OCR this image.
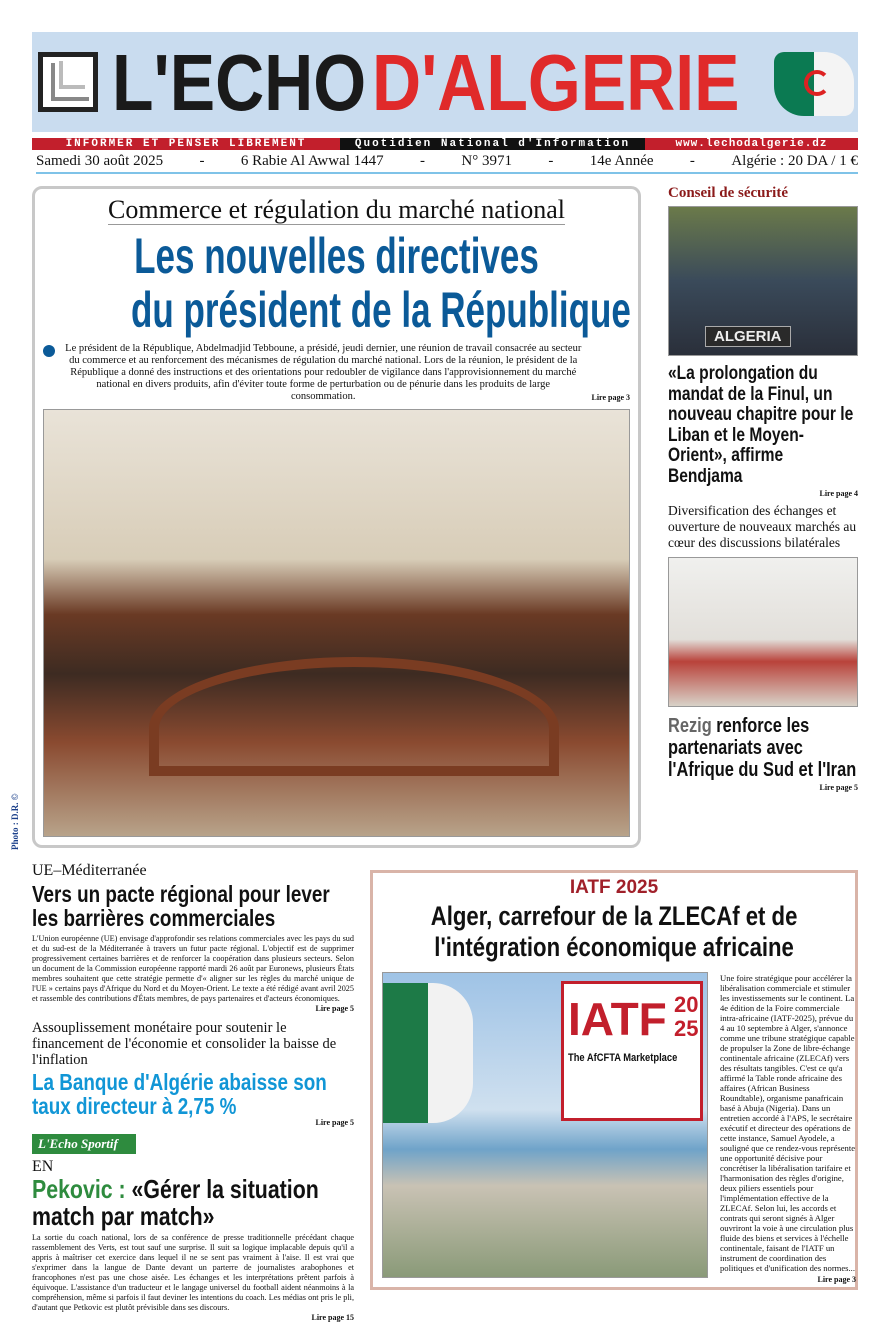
L'ECHO D'ALGERIE
INFORMER ET PENSER LIBREMENT	Quotidien National d'Information	www.lechodalgerie.dz
Samedi 30 août 2025 - 6 Rabie Al Awwal 1447 - N° 3971 - 14e Année - Algérie : 20 DA / 1 €
Commerce et régulation du marché national
Les nouvelles directives
du président de la République
Le président de la République, Abdelmadjid Tebboune, a présidé, jeudi dernier, une réunion de travail consacrée au secteur du commerce et au renforcement des mécanismes de régulation du marché national. Lors de la réunion, le président de la République a donné des instructions et des orientations pour redoubler de vigilance dans l'approvisionnement du marché national en divers produits, afin d'éviter toute forme de perturbation ou de pénurie dans les produits de large consommation.	Lire page 3
Photo : D.R. ©
Conseil de sécurité
ALGERIA
«La prolongation du mandat de la Finul, un nouveau chapitre pour le Liban et le Moyen-Orient», affirme Bendjama
Lire page 4
Diversification des échanges et ouverture de nouveaux marchés au cœur des discussions bilatérales
Rezig renforce les partenariats avec l'Afrique du Sud et l'Iran
Lire page 5
UE–Méditerranée
Vers un pacte régional pour lever les barrières commerciales
L'Union européenne (UE) envisage d'approfondir ses relations commerciales avec les pays du sud et du sud-est de la Méditerranée à travers un futur pacte régional. L'objectif est de supprimer progressivement certaines barrières et de renforcer la coopération dans plusieurs secteurs. Selon un document de la Commission européenne rapporté mardi 26 août par Euronews, plusieurs États membres souhaitent que cette stratégie permette d'« aligner sur les règles du marché unique de l'UE » certains pays d'Afrique du Nord et du Moyen-Orient. Le texte a été rédigé avant avril 2025 et rassemble des contributions d'États membres, de pays partenaires et d'acteurs économiques.
Lire page 5
Assouplissement monétaire pour soutenir le financement de l'économie et consolider la baisse de l'inflation
La Banque d'Algérie abaisse son taux directeur à 2,75 %
Lire page 5
L'Echo Sportif
EN
Pekovic : «Gérer la situation match par match»
La sortie du coach national, lors de sa conférence de presse traditionnelle précédant chaque rassemblement des Verts, est tout sauf une surprise. Il suit sa logique implacable depuis qu'il a appris à maîtriser cet exercice dans lequel il ne se sent pas vraiment à l'aise. Il est vrai que s'exprimer dans la langue de Dante devant un parterre de journalistes arabophones et francophones n'est pas une chose aisée. Les échanges et les interprétations prêtent parfois à équivoque. L'assistance d'un traducteur et le langage universel du football aident néanmoins à la compréhension, même si parfois il faut deviner les intentions du coach. Les médias ont pris le pli, d'autant que Petkovic est plutôt prévisible dans ses discours.
Lire page 15
IATF 2025
Alger, carrefour de la ZLECAf et de l'intégration économique africaine
IATF 20
25
The AfCFTA Marketplace
Une foire stratégique pour accélérer la libéralisation commerciale et stimuler les investissements sur le continent. La 4e édition de la Foire commerciale intra-africaine (IATF-2025), prévue du 4 au 10 septembre à Alger, s'annonce comme une tribune stratégique capable de propulser la Zone de libre-échange continentale africaine (ZLECAf) vers des résultats tangibles. C'est ce qu'a affirmé la Table ronde africaine des affaires (African Business Roundtable), organisme panafricain basé à Abuja (Nigeria). Dans un entretien accordé à l'APS, le secrétaire exécutif et directeur des opérations de cette instance, Samuel Ayodele, a souligné que ce rendez-vous représente une opportunité décisive pour concrétiser la libéralisation tarifaire et l'harmonisation des règles d'origine, deux piliers essentiels pour l'implémentation effective de la ZLECAf. Selon lui, les accords et contrats qui seront signés à Alger ouvriront la voie à une circulation plus fluide des biens et services à l'échelle continentale, faisant de l'IATF un instrument de coordination des politiques et d'unification des normes...
Lire page 3
